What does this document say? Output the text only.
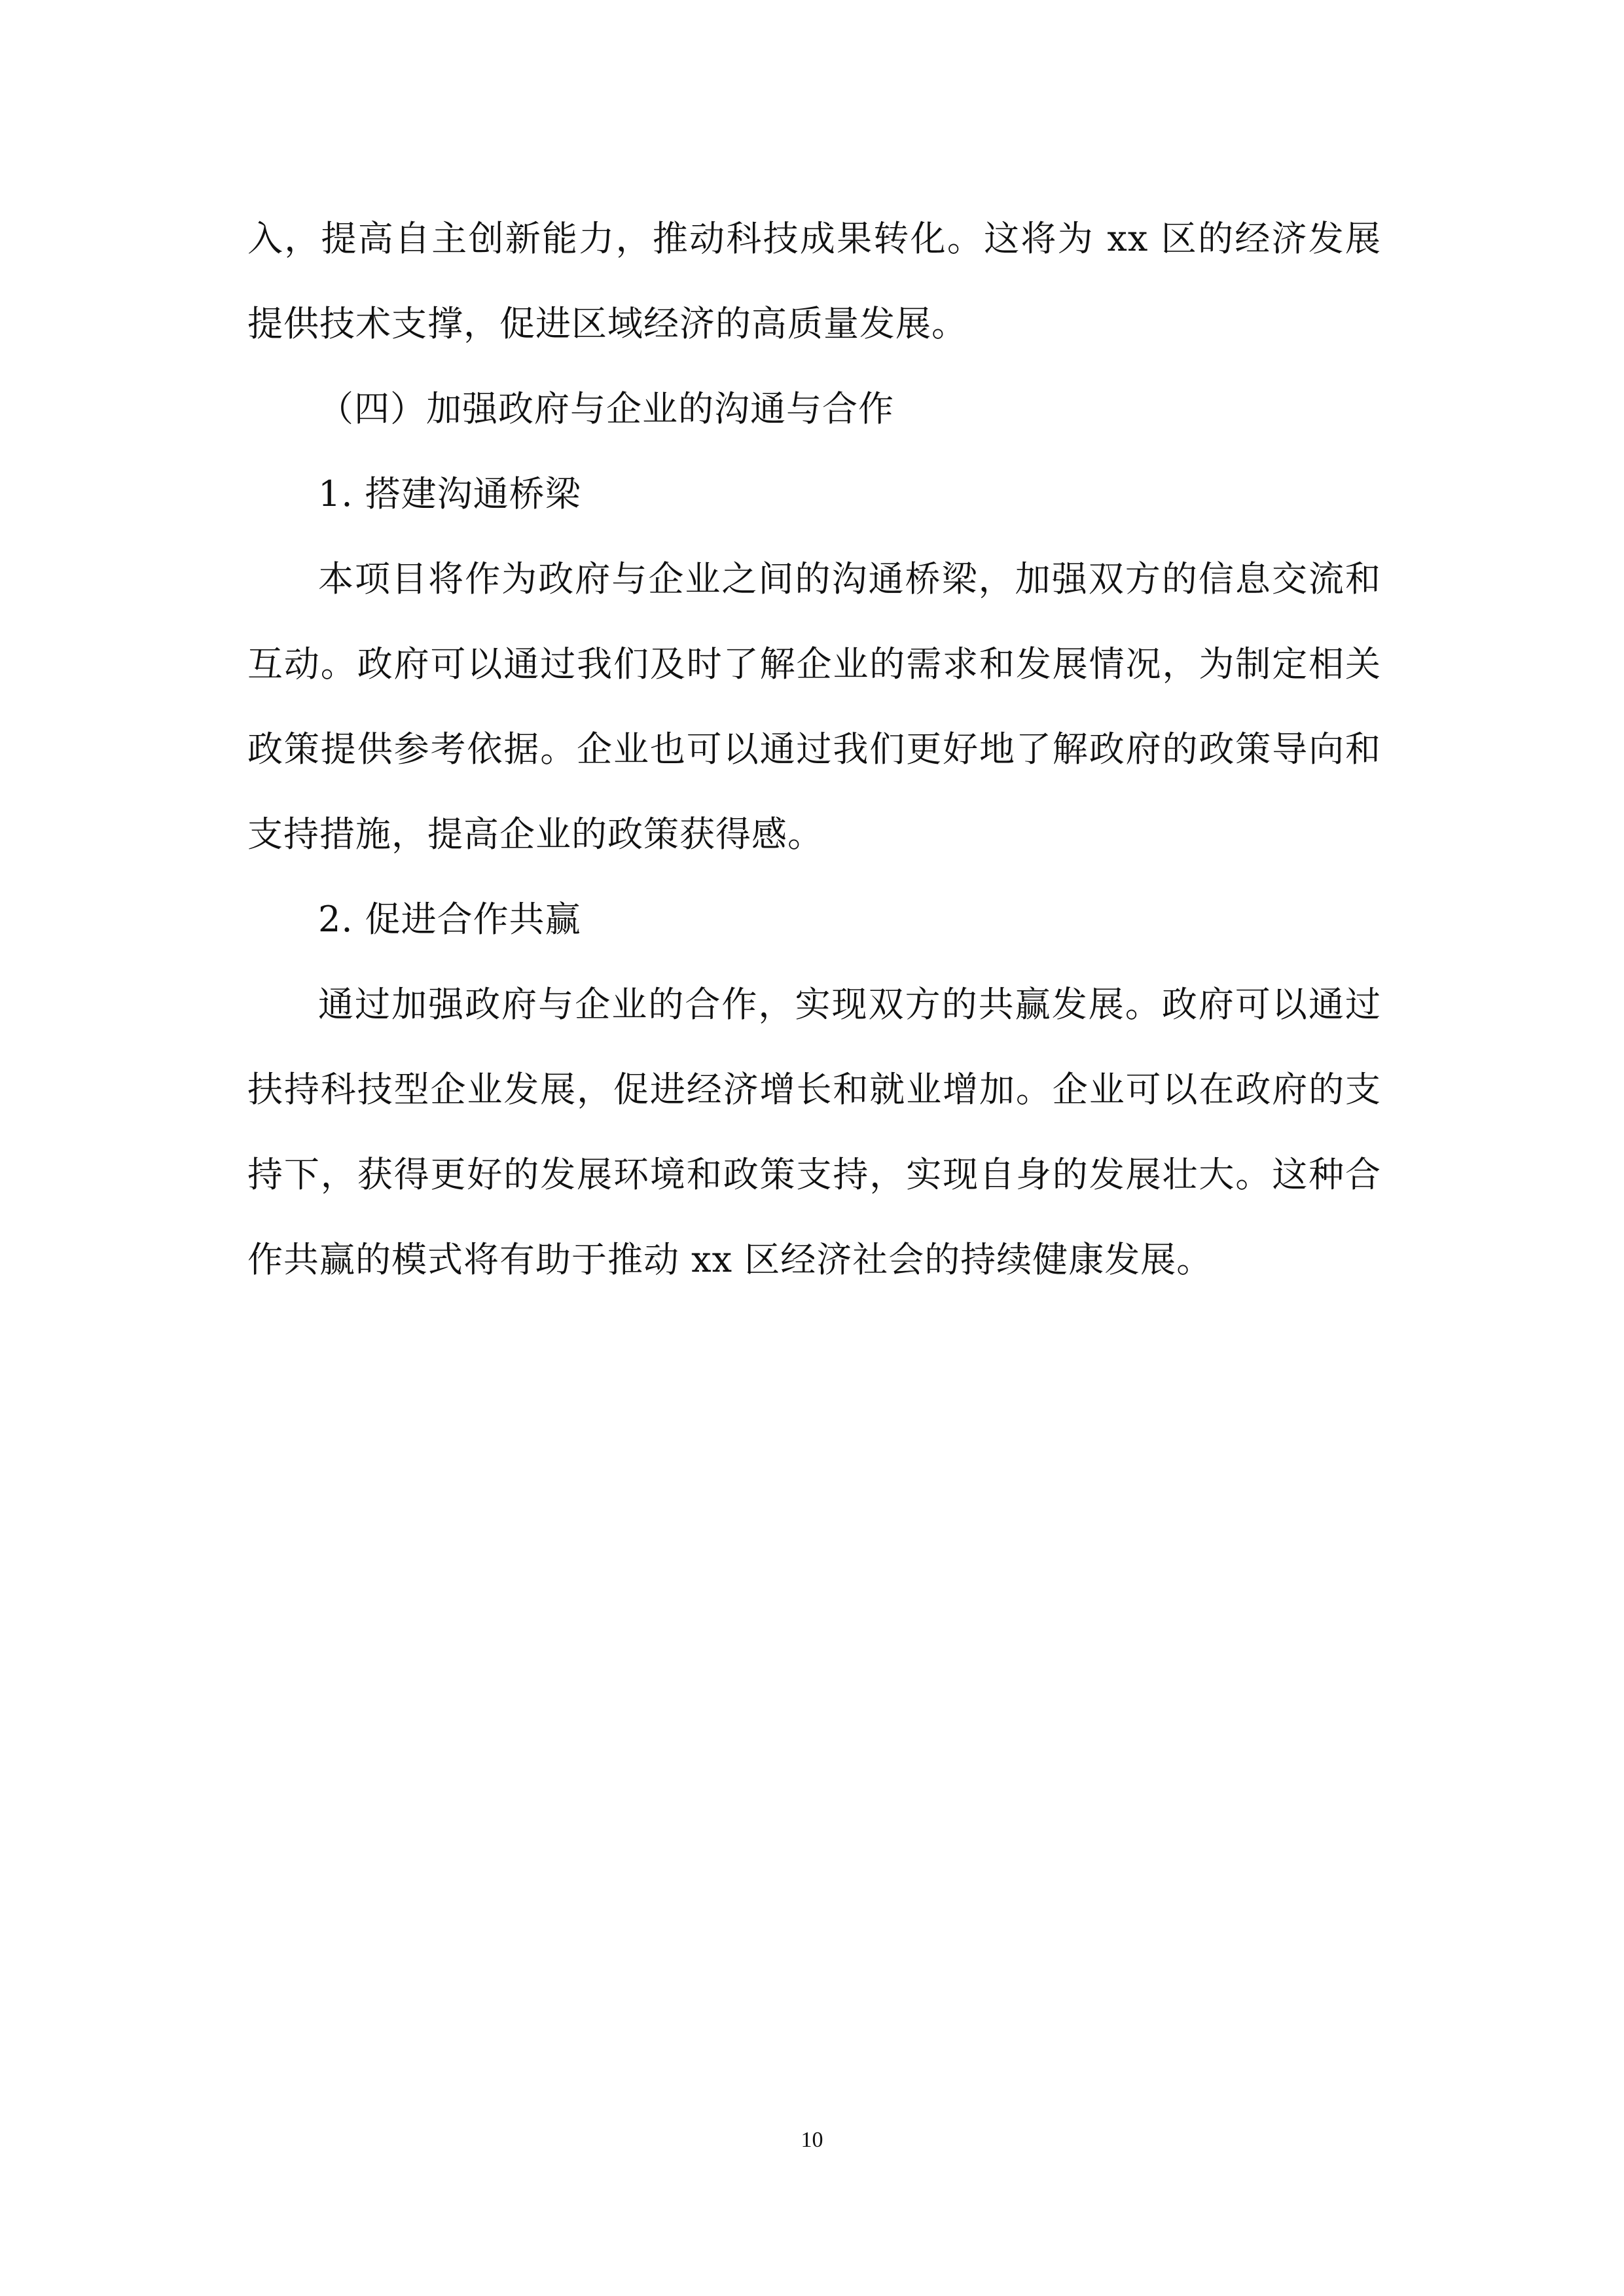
入，提高自主创新能力，推动科技成果转化。这将为 xx 区的经济发展提供技术支撑，促进区域经济的高质量发展。

（四）加强政府与企业的沟通与合作

1. 搭建沟通桥梁

本项目将作为政府与企业之间的沟通桥梁，加强双方的信息交流和互动。政府可以通过我们及时了解企业的需求和发展情况，为制定相关政策提供参考依据。企业也可以通过我们更好地了解政府的政策导向和支持措施，提高企业的政策获得感。

2. 促进合作共赢

通过加强政府与企业的合作，实现双方的共赢发展。政府可以通过扶持科技型企业发展，促进经济增长和就业增加。企业可以在政府的支持下，获得更好的发展环境和政策支持，实现自身的发展壮大。这种合作共赢的模式将有助于推动 xx 区经济社会的持续健康发展。

10
